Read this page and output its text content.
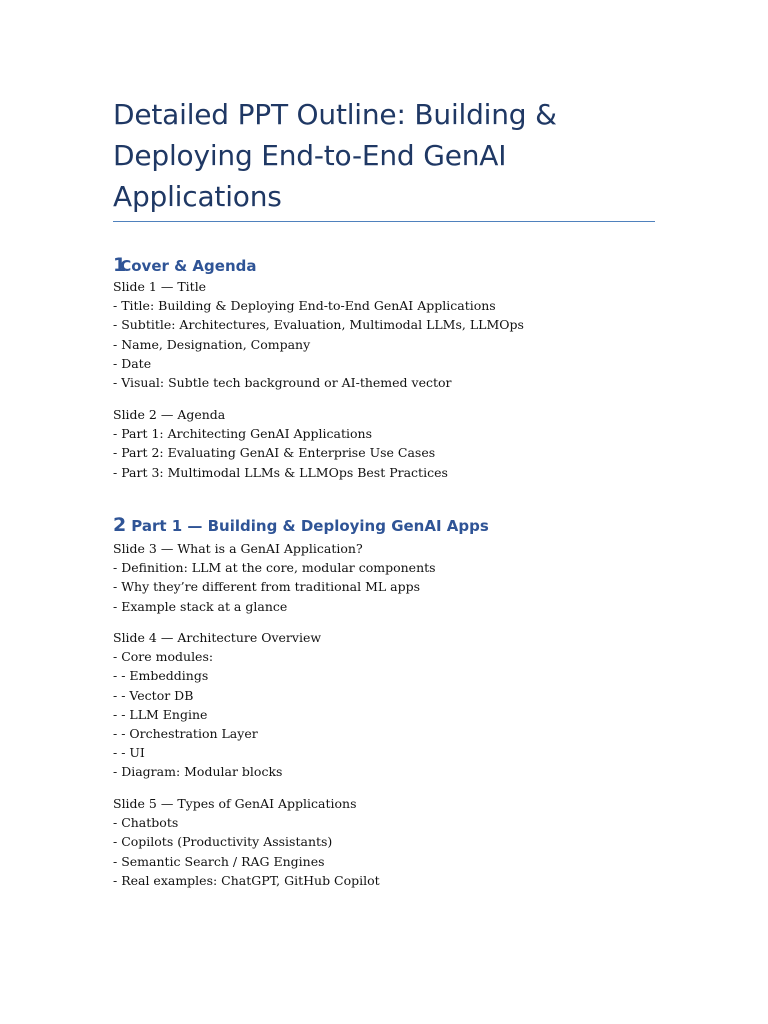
Detailed PPT Outline: Building & Deploying End-to-End GenAI Applications
1Cover & Agenda
Slide 1 — Title
- Title: Building & Deploying End-to-End GenAI Applications
- Subtitle: Architectures, Evaluation, Multimodal LLMs, LLMOps
- Name, Designation, Company
- Date
- Visual: Subtle tech background or AI-themed vector
Slide 2 — Agenda
- Part 1: Architecting GenAI Applications
- Part 2: Evaluating GenAI & Enterprise Use Cases
- Part 3: Multimodal LLMs & LLMOps Best Practices
2 Part 1 — Building & Deploying GenAI Apps
Slide 3 — What is a GenAI Application?
- Definition: LLM at the core, modular components
- Why they’re different from traditional ML apps
- Example stack at a glance
Slide 4 — Architecture Overview
- Core modules:
- - Embeddings
- - Vector DB
- - LLM Engine
- - Orchestration Layer
- - UI
- Diagram: Modular blocks
Slide 5 — Types of GenAI Applications
- Chatbots
- Copilots (Productivity Assistants)
- Semantic Search / RAG Engines
- Real examples: ChatGPT, GitHub Copilot
